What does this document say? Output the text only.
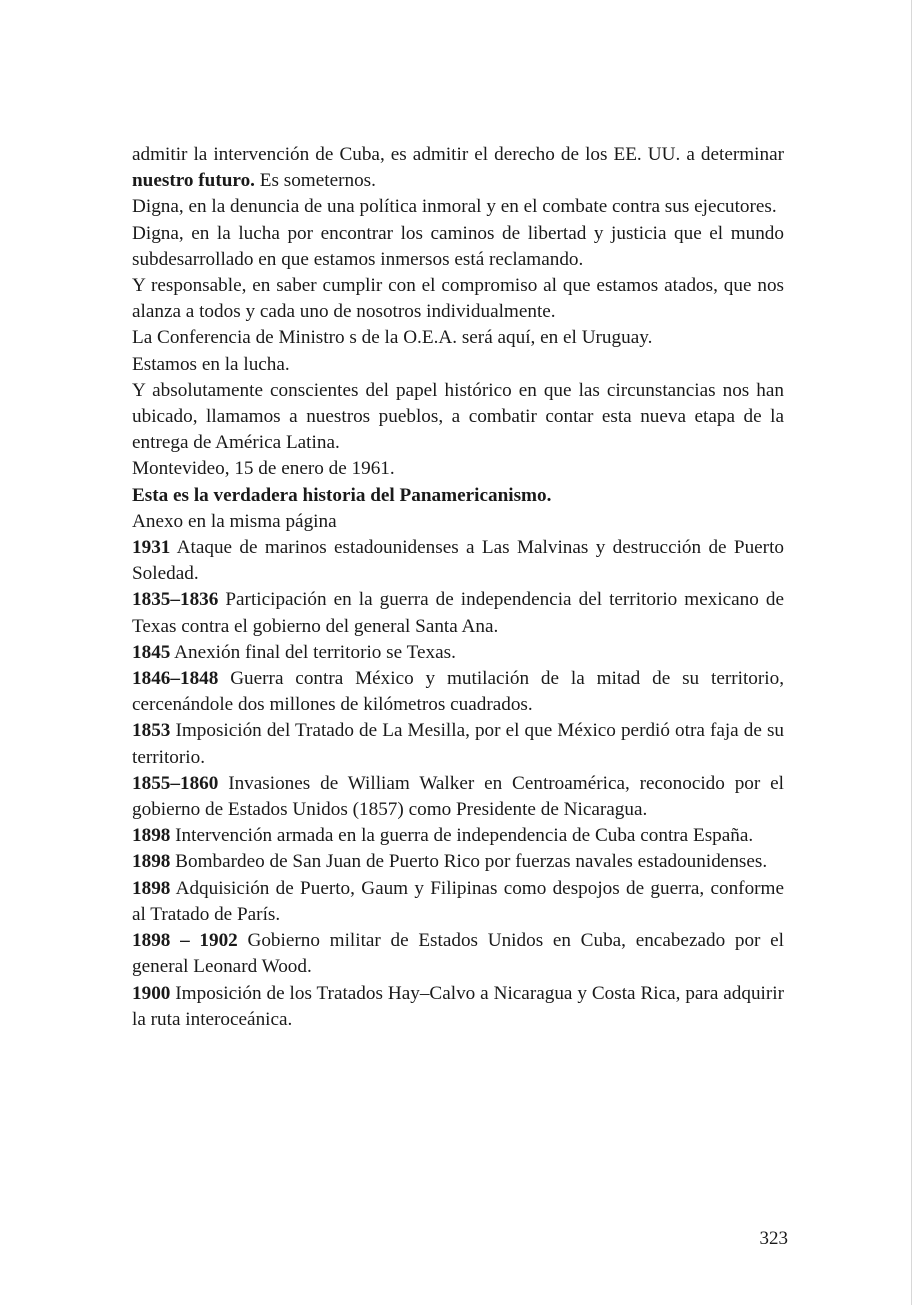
admitir la intervención de Cuba, es admitir el derecho de los EE. UU. a determinar nuestro futuro. Es someternos.

Digna, en la denuncia de una política inmoral y en el combate contra sus ejecutores.

Digna, en la lucha por encontrar los caminos de libertad y justicia que el mundo subdesarrollado en que estamos inmersos está reclamando.

Y responsable, en saber cumplir con el compromiso al que estamos atados, que nos alanza a todos y cada uno de nosotros individualmente.

La Conferencia de Ministro s de la O.E.A. será aquí, en el Uruguay.

Estamos en la lucha.

Y absolutamente conscientes del papel histórico en que las circunstancias nos han ubicado, llamamos a nuestros pueblos, a combatir contar esta nueva etapa de la entrega de América Latina.

Montevideo, 15 de enero de 1961.

Esta es la verdadera historia del Panamericanismo.

Anexo en la misma página

1931 Ataque de marinos estadounidenses a Las Malvinas y destrucción de Puerto Soledad.

1835–1836 Participación en la guerra de independencia del territorio mexicano de Texas contra el gobierno del general Santa Ana.

1845 Anexión final del territorio se Texas.

1846–1848 Guerra contra México y mutilación de la mitad de su territorio, cercenándole dos millones de kilómetros cuadrados.

1853 Imposición del Tratado de La Mesilla, por el que México perdió otra faja de su territorio.

1855–1860 Invasiones de William Walker en Centroamérica, reconocido por el gobierno de Estados Unidos (1857) como Presidente de Nicaragua.

1898 Intervención armada en la guerra de independencia de Cuba contra España.

1898 Bombardeo de San Juan de Puerto Rico por fuerzas navales estadounidenses.

1898 Adquisición de Puerto, Gaum y Filipinas como despojos de guerra, conforme al Tratado de París.

1898 – 1902 Gobierno militar de Estados Unidos en Cuba, encabezado por el general Leonard Wood.

1900 Imposición de los Tratados Hay–Calvo a Nicaragua y Costa Rica, para adquirir la ruta interoceánica.

323
